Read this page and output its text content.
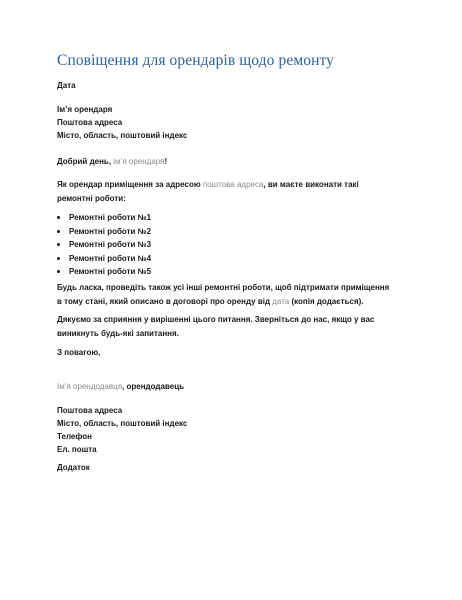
Сповіщення для орендарів щодо ремонту
Дата
Ім’я орендаря
Поштова адреса
Місто, область, поштовий індекс
Добрий день, ім’я орендаря!
Як орендар приміщення за адресою поштова адреса, ви маєте виконати такі ремонтні роботи:
Ремонтні роботи №1
Ремонтні роботи №2
Ремонтні роботи №3
Ремонтні роботи №4
Ремонтні роботи №5
Будь ласка, проведіть також усі інші ремонтні роботи, щоб підтримати приміщення в тому стані, який описано в договорі про оренду від дата (копія додається).
Дякуємо за сприяння у вирішенні цього питання. Зверніться до нас, якщо у вас виникнуть будь-які запитання.
З повагою,
Ім’я орендодавця, орендодавець
Поштова адреса
Місто, область, поштовий індекс
Телефон
Ел. пошта
Додаток
